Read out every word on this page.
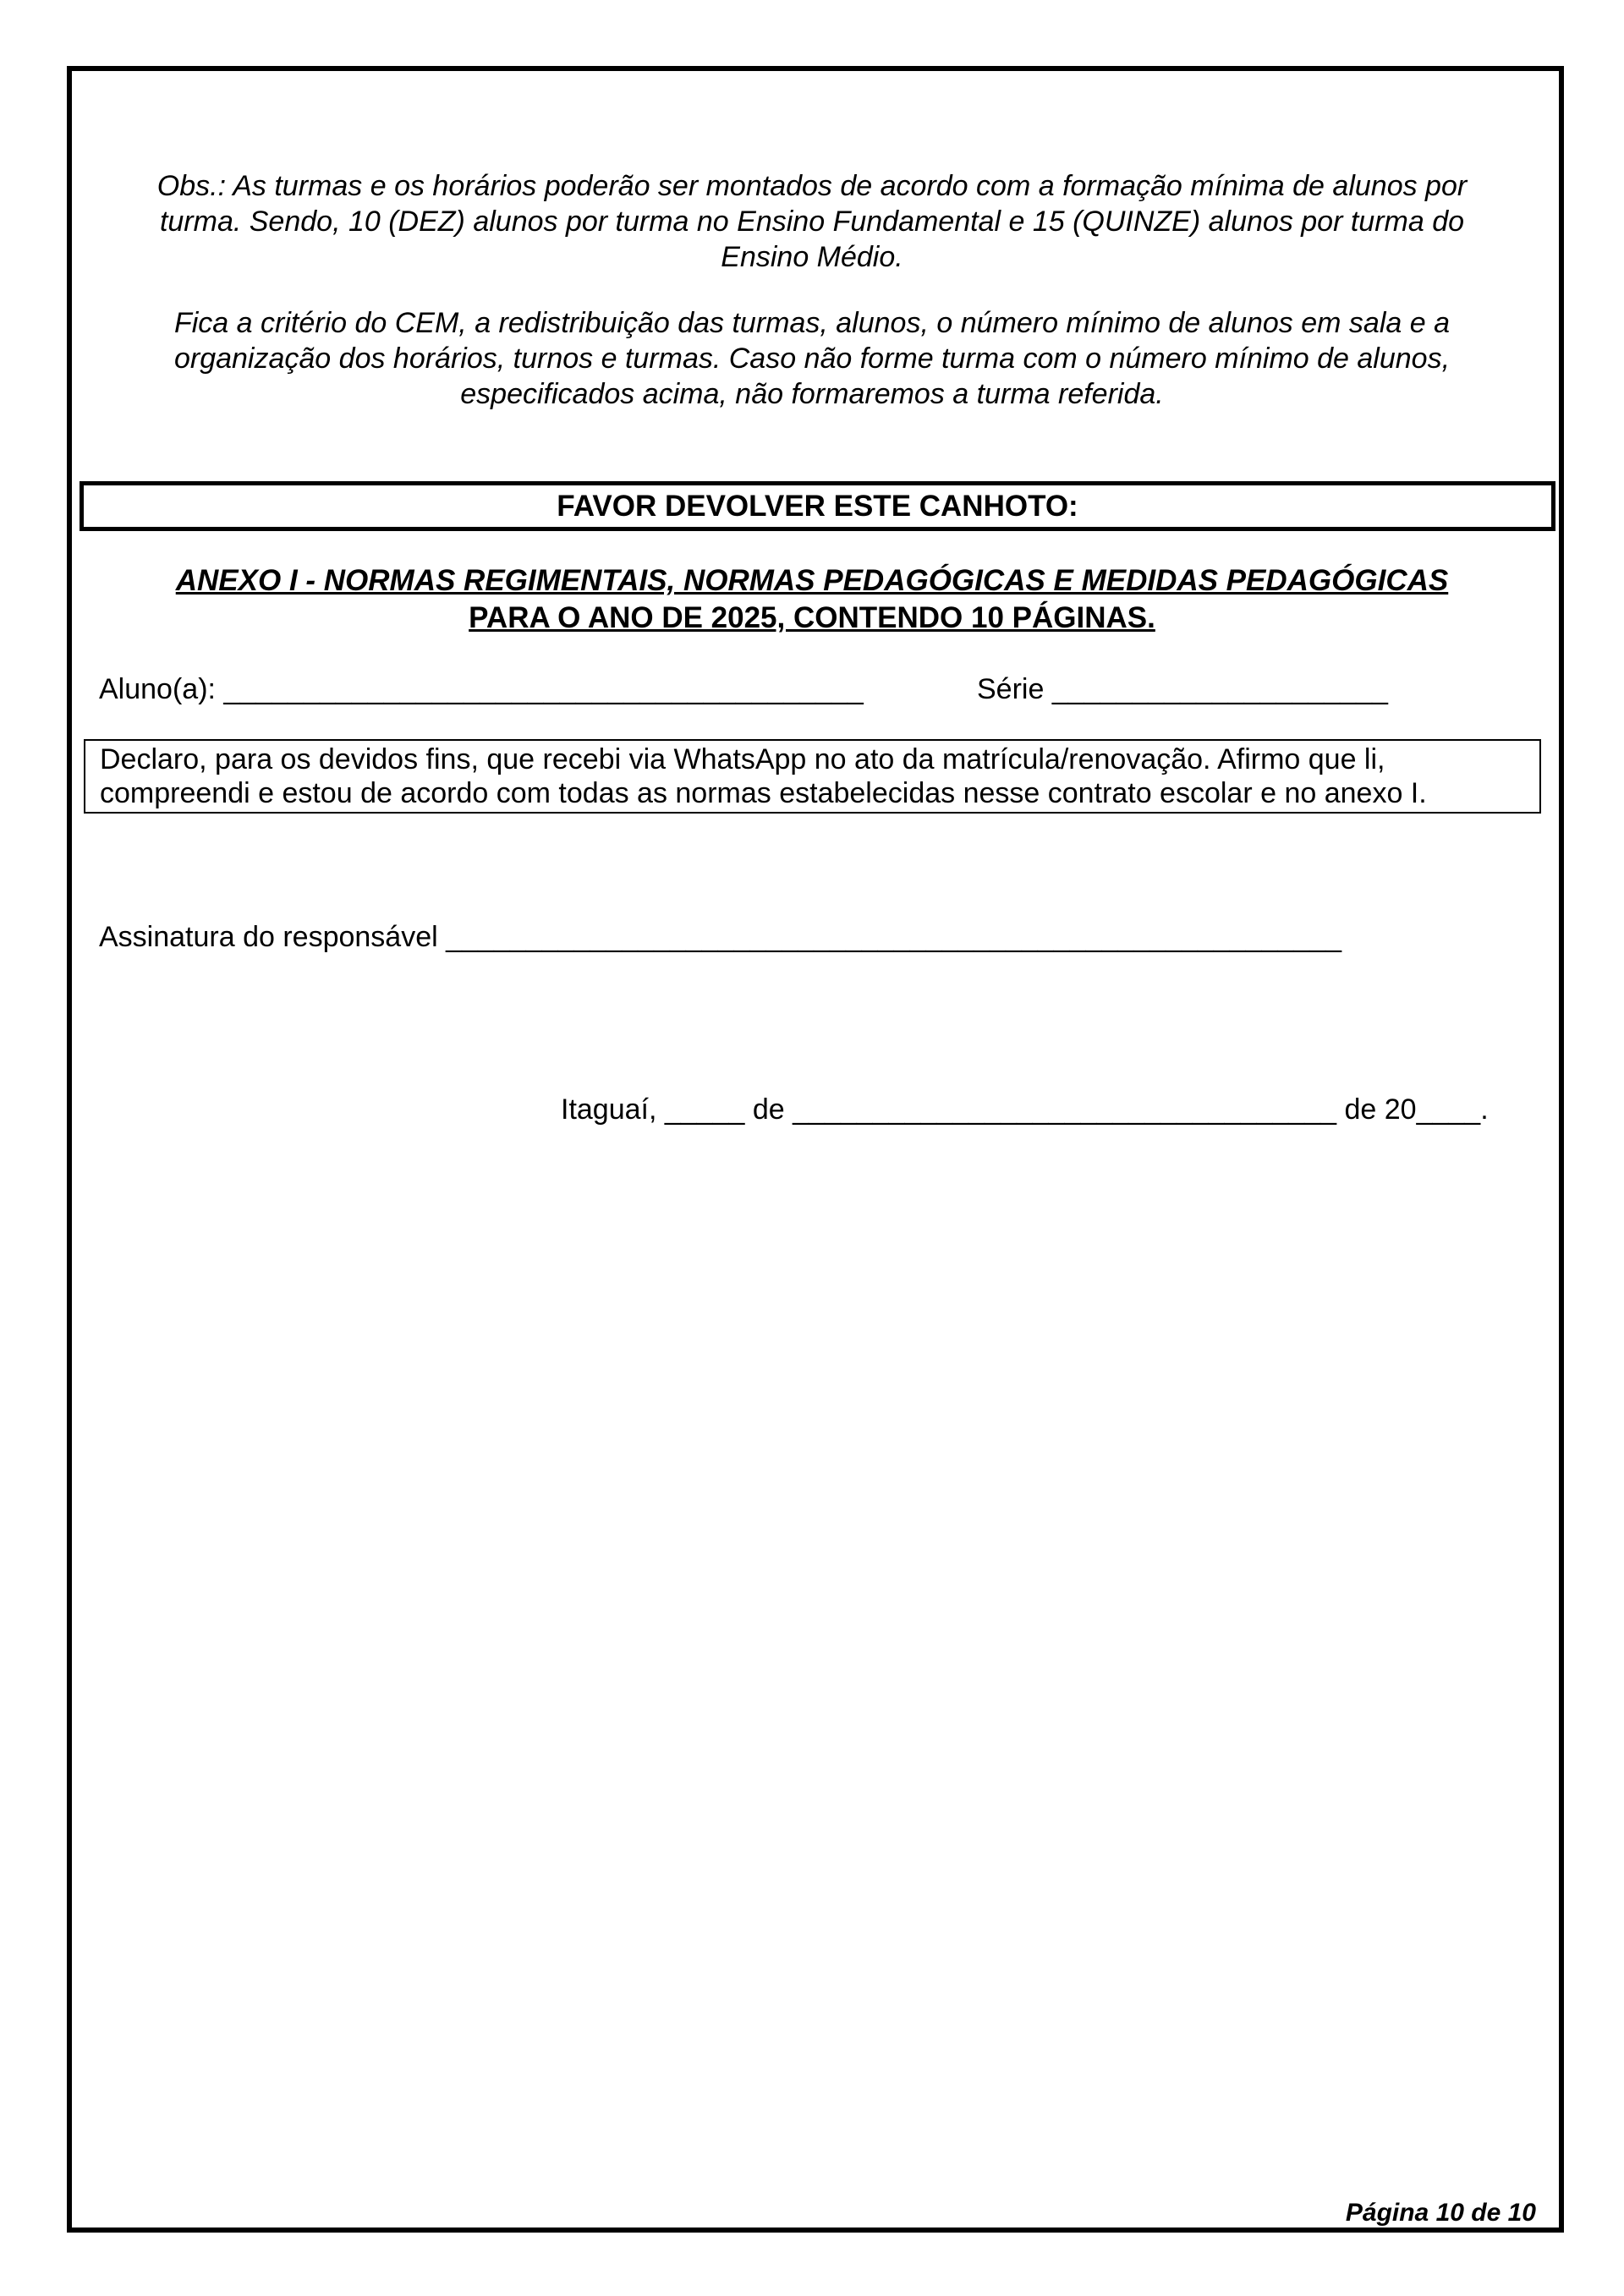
Obs.: As turmas e os horários poderão ser montados de acordo com a formação mínima de alunos por
turma. Sendo, 10 (DEZ) alunos por turma no Ensino Fundamental e 15 (QUINZE) alunos por turma do
Ensino Médio.
Fica a critério do CEM, a redistribuição das turmas, alunos, o número mínimo de alunos em sala e a
organização dos horários, turnos e turmas. Caso não forme turma com o número mínimo de alunos,
especificados acima, não formaremos a turma referida.
FAVOR DEVOLVER ESTE CANHOTO:
ANEXO I - NORMAS REGIMENTAIS, NORMAS PEDAGÓGICAS E MEDIDAS PEDAGÓGICAS
PARA O ANO DE 2025, CONTENDO 10 PÁGINAS.
Aluno(a): ________________________________________	Série _____________________
Declaro, para os devidos fins, que recebi via WhatsApp no ato da matrícula/renovação. Afirmo que li,
compreendi e estou de acordo com todas as normas estabelecidas nesse contrato escolar e no anexo I.
Assinatura do responsável ________________________________________________________
Itaguaí, _____ de __________________________________ de 20____.
Página 10 de 10
